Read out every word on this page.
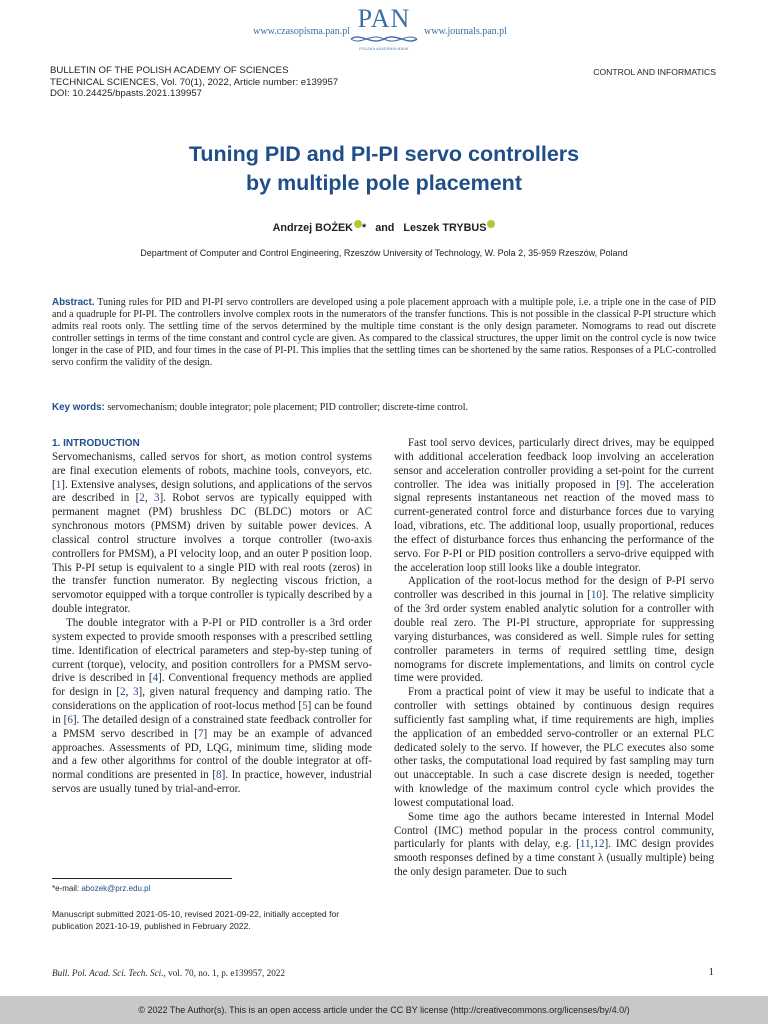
www.czasopisma.pan.pl PAN
POLSKA AKADEMIA NAUK
www.journals.pan.pl
BULLETIN OF THE POLISH ACADEMY OF SCIENCES
TECHNICAL SCIENCES, Vol. 70(1), 2022, Article number: e139957
DOI: 10.24425/bpasts.2021.139957
CONTROL AND INFORMATICS
Tuning PID and PI-PI servo controllers
by multiple pole placement
Andrzej BOŻEK * and Leszek TRYBUS
Department of Computer and Control Engineering, Rzeszów University of Technology, W. Pola 2, 35-959 Rzeszów, Poland
Abstract. Tuning rules for PID and PI-PI servo controllers are developed using a pole placement approach with a multiple pole, i.e. a triple one in the case of PID and a quadruple for PI-PI. The controllers involve complex roots in the numerators of the transfer functions. This is not possible in the classical P-PI structure which admits real roots only. The settling time of the servos determined by the multiple time constant is the only design parameter. Nomograms to read out discrete controller settings in terms of the time constant and control cycle are given. As compared to the classical structures, the upper limit on the control cycle is now twice longer in the case of PID, and four times in the case of PI-PI. This implies that the settling times can be shortened by the same ratios. Responses of a PLC-controlled servo confirm the validity of the design.
Key words: servomechanism; double integrator; pole placement; PID controller; discrete-time control.
1. INTRODUCTION

Servomechanisms, called servos for short, as motion control systems are final execution elements of robots, machine tools, conveyors, etc. [1]. Extensive analyses, design solutions, and applications of the servos are described in [2, 3]. Robot servos are typically equipped with permanent magnet (PM) brushless DC (BLDC) motors or AC synchronous motors (PMSM) driven by suitable power devices. A classical control structure involves a torque controller (two-axis controllers for PMSM), a PI velocity loop, and an outer P position loop. This P-PI setup is equivalent to a single PID with real roots (zeros) in the transfer function numerator. By neglecting viscous friction, a servomotor equipped with a torque controller is typically described by a double integrator.

The double integrator with a P-PI or PID controller is a 3rd order system expected to provide smooth responses with a prescribed settling time. Identification of electrical parameters and step-by-step tuning of current (torque), velocity, and position controllers for a PMSM servo-drive is described in [4]. Conventional frequency methods are applied for design in [2, 3], given natural frequency and damping ratio. The considerations on the application of root-locus method [5] can be found in [6]. The detailed design of a constrained state feedback controller for a PMSM servo described in [7] may be an example of advanced approaches. Assessments of PD, LQG, minimum time, sliding mode and a few other algorithms for control of the double integrator at off-normal conditions are presented in [8]. In practice, however, industrial servos are usually tuned by trial-and-error.

Fast tool servo devices, particularly direct drives, may be equipped with additional acceleration feedback loop involving an acceleration sensor and acceleration controller providing a set-point for the current controller. The idea was initially proposed in [9]. The acceleration signal represents instantaneous net reaction of the moved mass to current-generated control force and disturbance forces due to varying load, vibrations, etc. The additional loop, usually proportional, reduces the effect of disturbance forces thus enhancing the performance of the servo. For P-PI or PID position controllers a servo-drive equipped with the acceleration loop still looks like a double integrator.

Application of the root-locus method for the design of P-PI servo controller was described in this journal in [10]. The relative simplicity of the 3rd order system enabled analytic solution for a controller with double real zero. The PI-PI structure, appropriate for suppressing varying disturbances, was considered as well. Simple rules for setting controller parameters in terms of required settling time, design nomograms for discrete implementations, and limits on control cycle time were provided.

From a practical point of view it may be useful to indicate that a controller with settings obtained by continuous design requires sufficiently fast sampling what, if time requirements are high, implies the application of an embedded servo-controller or an external PLC dedicated solely to the servo. If however, the PLC executes also some other tasks, the computational load required by fast sampling may turn out unacceptable. In such a case discrete design is needed, together with knowledge of the maximum control cycle which provides the lowest computational load.

Some time ago the authors became interested in Internal Model Control (IMC) method popular in the process control community, particularly for plants with delay, e.g. [11,12]. IMC design provides smooth responses defined by a time constant λ (usually multiple) being the only design parameter. Due to such

*e-mail: abozek@prz.edu.pl
Manuscript submitted 2021-05-10, revised 2021-09-22, initially accepted for publication 2021-10-19, published in February 2022.
Bull. Pol. Acad. Sci. Tech. Sci., vol. 70, no. 1, p. e139957, 2022	1
© 2022 The Author(s). This is an open access article under the CC BY license (http://creativecommons.org/licenses/by/4.0/)
